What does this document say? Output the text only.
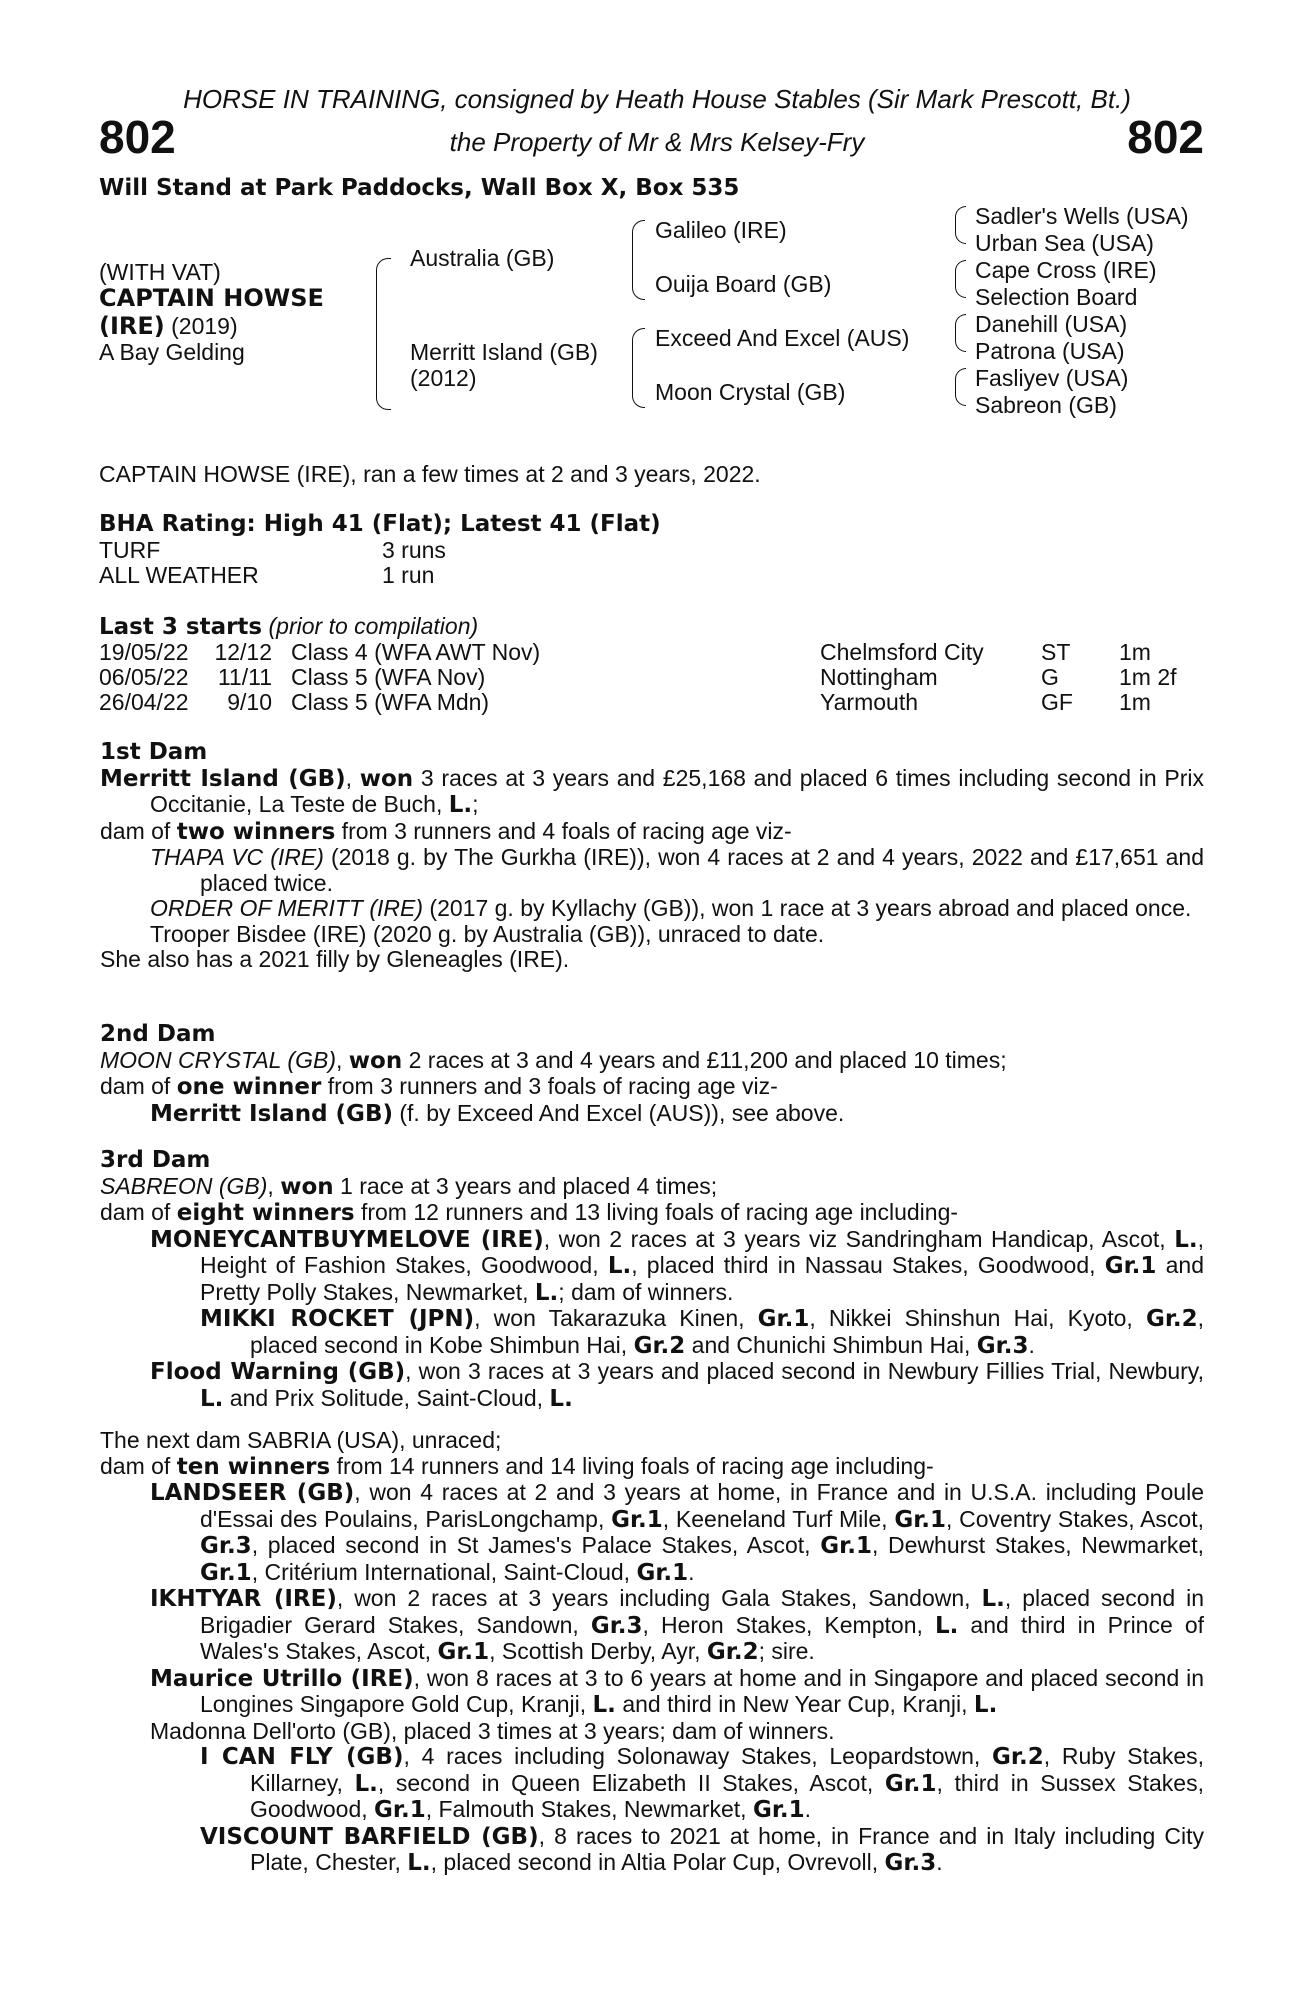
HORSE IN TRAINING, consigned by Heath House Stables (Sir Mark Prescott, Bt.)
802	the Property of Mr & Mrs Kelsey-Fry	802
Will Stand at Park Paddocks, Wall Box X, Box 535
(WITH VAT)
CAPTAIN HOWSE
(IRE) (2019)
A Bay Gelding
Australia (GB)
Merritt Island (GB)
(2012)
Galileo (IRE)
Ouija Board (GB)
Exceed And Excel (AUS)
Moon Crystal (GB)
Sadler's Wells (USA)
Urban Sea (USA)
Cape Cross (IRE)
Selection Board
Danehill (USA)
Patrona (USA)
Fasliyev (USA)
Sabreon (GB)
CAPTAIN HOWSE (IRE), ran a few times at 2 and 3 years, 2022.
BHA Rating: High 41 (Flat); Latest 41 (Flat)
TURF	3 runs
ALL WEATHER	1 run
Last 3 starts (prior to compilation)
19/05/22 12/12 Class 4 (WFA AWT Nov)	Chelmsford City ST 1m
06/05/22 11/11 Class 5 (WFA Nov)	Nottingham	G	1m 2f
26/04/22	9/10 Class 5 (WFA Mdn)	Yarmouth	GF 1m

1st Dam

Merritt Island (GB), won 3 races at 3 years and £25,168 and placed 6 times including second in Prix Occitanie, La Teste de Buch, L.;

dam of two winners from 3 runners and 4 foals of racing age viz-

THAPA VC (IRE) (2018 g. by The Gurkha (IRE)), won 4 races at 2 and 4 years, 2022 and £17,651 and placed twice.

ORDER OF MERITT (IRE) (2017 g. by Kyllachy (GB)), won 1 race at 3 years abroad and placed once.

Trooper Bisdee (IRE) (2020 g. by Australia (GB)), unraced to date.

She also has a 2021 filly by Gleneagles (IRE).

2nd Dam

MOON CRYSTAL (GB), won 2 races at 3 and 4 years and £11,200 and placed 10 times;

dam of one winner from 3 runners and 3 foals of racing age viz-

Merritt Island (GB) (f. by Exceed And Excel (AUS)), see above.

3rd Dam

SABREON (GB), won 1 race at 3 years and placed 4 times;

dam of eight winners from 12 runners and 13 living foals of racing age including-

MONEYCANTBUYMELOVE (IRE), won 2 races at 3 years viz Sandringham Handicap, Ascot, L., Height of Fashion Stakes, Goodwood, L., placed third in Nassau Stakes, Goodwood, Gr.1 and Pretty Polly Stakes, Newmarket, L.; dam of winners.

MIKKI ROCKET (JPN), won Takarazuka Kinen, Gr.1, Nikkei Shinshun Hai, Kyoto, Gr.2, placed second in Kobe Shimbun Hai, Gr.2 and Chunichi Shimbun Hai, Gr.3.

Flood Warning (GB), won 3 races at 3 years and placed second in Newbury Fillies Trial, Newbury, L. and Prix Solitude, Saint-Cloud, L.

The next dam SABRIA (USA), unraced;

dam of ten winners from 14 runners and 14 living foals of racing age including-

LANDSEER (GB), won 4 races at 2 and 3 years at home, in France and in U.S.A. including Poule d'Essai des Poulains, ParisLongchamp, Gr.1, Keeneland Turf Mile, Gr.1, Coventry Stakes, Ascot, Gr.3, placed second in St James's Palace Stakes, Ascot, Gr.1, Dewhurst Stakes, Newmarket, Gr.1, Critérium International, Saint-Cloud, Gr.1.

IKHTYAR (IRE), won 2 races at 3 years including Gala Stakes, Sandown, L., placed second in Brigadier Gerard Stakes, Sandown, Gr.3, Heron Stakes, Kempton, L. and third in Prince of Wales's Stakes, Ascot, Gr.1, Scottish Derby, Ayr, Gr.2; sire.

Maurice Utrillo (IRE), won 8 races at 3 to 6 years at home and in Singapore and placed second in Longines Singapore Gold Cup, Kranji, L. and third in New Year Cup, Kranji, L.

Madonna Dell'orto (GB), placed 3 times at 3 years; dam of winners.

I CAN FLY (GB), 4 races including Solonaway Stakes, Leopardstown, Gr.2, Ruby Stakes, Killarney, L., second in Queen Elizabeth II Stakes, Ascot, Gr.1, third in Sussex Stakes, Goodwood, Gr.1, Falmouth Stakes, Newmarket, Gr.1.

VISCOUNT BARFIELD (GB), 8 races to 2021 at home, in France and in Italy including City Plate, Chester, L., placed second in Altia Polar Cup, Ovrevoll, Gr.3.
